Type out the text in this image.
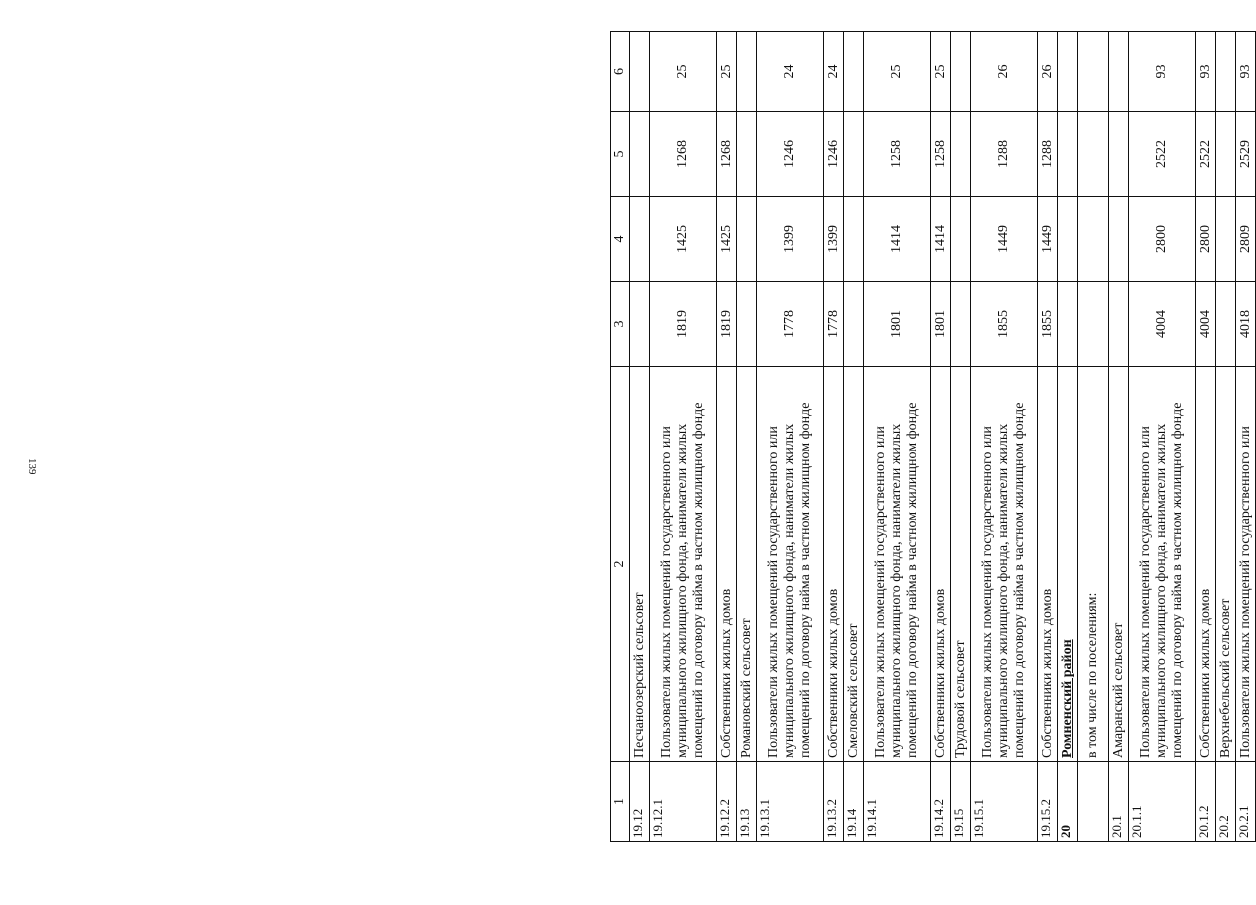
139
1	2	3	4	5	6
19.12	Песчаноозерский сельсовет				
19.12.1	Пользователи жилых помещений государственного или муниципального жилищного фонда, наниматели жилых помещений по договору найма в частном жилищном фонде	1819	1425	1268	25
19.12.2	Собственники жилых домов	1819	1425	1268	25
19.13	Романовский сельсовет				
19.13.1	Пользователи жилых помещений государственного или муниципального жилищного фонда, наниматели жилых помещений по договору найма в частном жилищном фонде	1778	1399	1246	24
19.13.2	Собственники жилых домов	1778	1399	1246	24
19.14	Смеловский сельсовет				
19.14.1	Пользователи жилых помещений государственного или муниципального жилищного фонда, наниматели жилых помещений по договору найма в частном жилищном фонде	1801	1414	1258	25
19.14.2	Собственники жилых домов	1801	1414	1258	25
19.15	Трудовой сельсовет				
19.15.1	Пользователи жилых помещений государственного или муниципального жилищного фонда, наниматели жилых помещений по договору найма в частном жилищном фонде	1855	1449	1288	26
19.15.2	Собственники жилых домов	1855	1449	1288	26
20	Ромненский район				
	в том числе по поселениям:				
20.1	Амаранский сельсовет				
20.1.1	Пользователи жилых помещений государственного или муниципального жилищного фонда, наниматели жилых помещений по договору найма в частном жилищном фонде	4004	2800	2522	93
20.1.2	Собственники жилых домов	4004	2800	2522	93
20.2	Верхнебельский сельсовет				
20.2.1	Пользователи жилых помещений государственного или	4018	2809	2529	93
